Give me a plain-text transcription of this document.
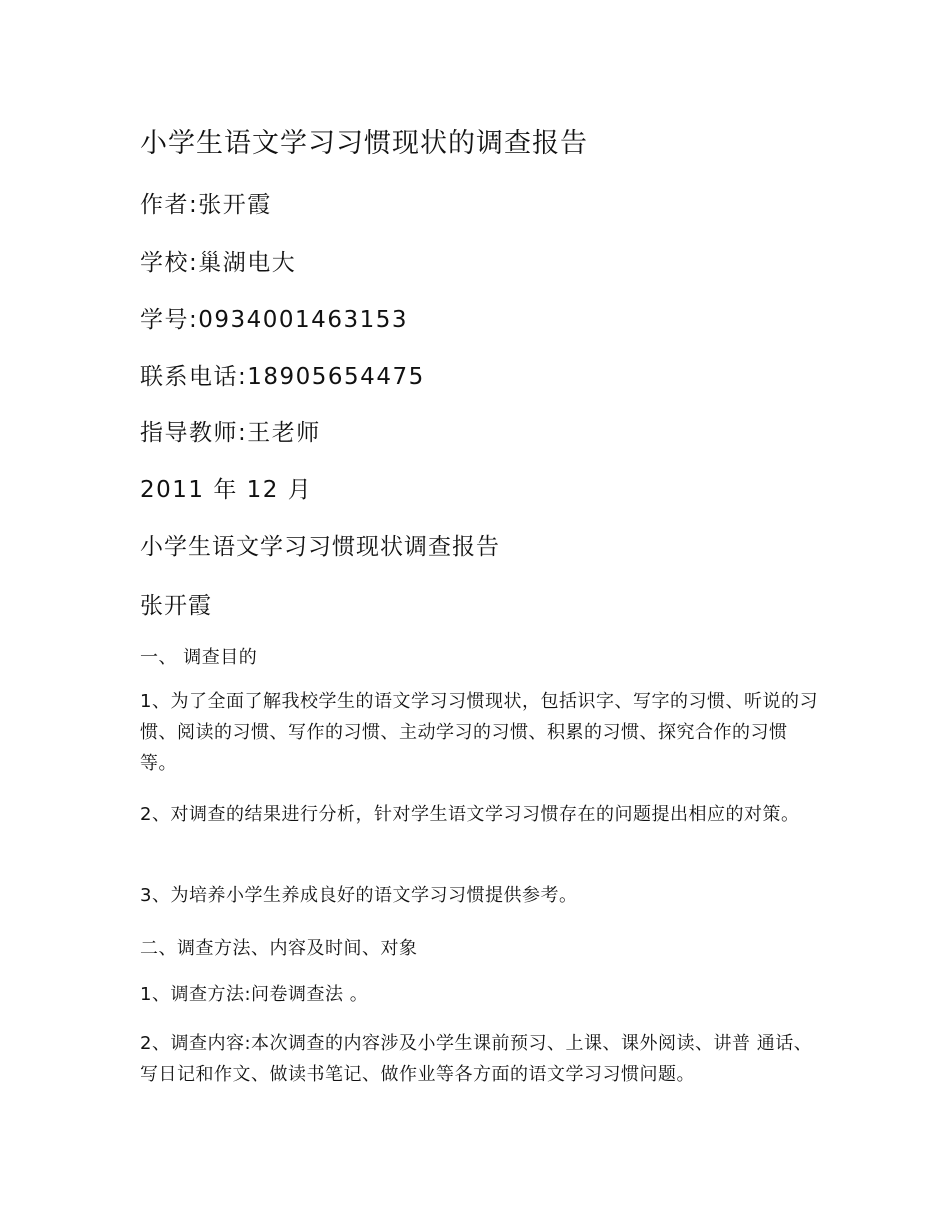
小学生语文学习习惯现状的调查报告
作者:张开霞
学校:巢湖电大
学号:0934001463153
联系电话:18905654475
指导教师:王老师
2011 年 12 月
小学生语文学习习惯现状调查报告
张开霞
一、 调查目的

1、为了全面了解我校学生的语文学习习惯现状，包括识字、写字的习惯、听说的习惯、阅读的习惯、写作的习惯、主动学习的习惯、积累的习惯、探究合作的习惯等。

2、对调查的结果进行分析，针对学生语文学习习惯存在的问题提出相应的对策。

3、为培养小学生养成良好的语文学习习惯提供参考。

二、调查方法、内容及时间、对象

1、调查方法:问卷调查法 。

2、调查内容:本次调查的内容涉及小学生课前预习、上课、课外阅读、讲普 通话、写日记和作文、做读书笔记、做作业等各方面的语文学习习惯问题。
